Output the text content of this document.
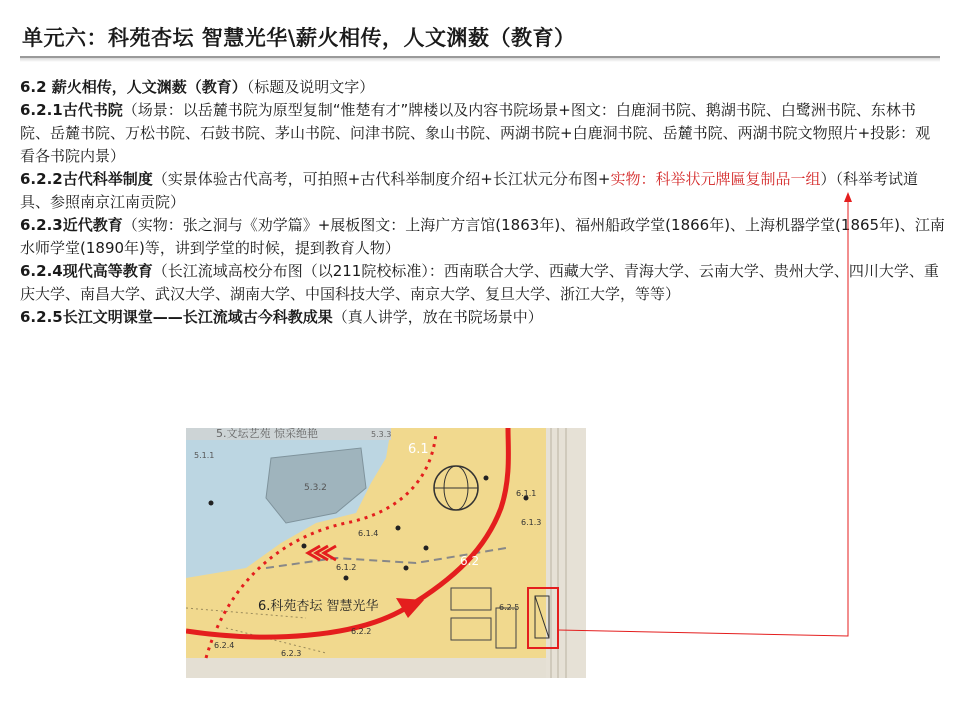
单元六：科苑杏坛 智慧光华\薪火相传，人文渊薮（教育）

6.2 薪火相传，人文渊薮（教育）（标题及说明文字）

6.2.1古代书院（场景：以岳麓书院为原型复制“惟楚有才”牌楼以及内容书院场景+图文：白鹿洞书院、鹅湖书院、白鹭洲书院、东林书院、岳麓书院、万松书院、石鼓书院、茅山书院、问津书院、象山书院、两湖书院+白鹿洞书院、岳麓书院、两湖书院文物照片+投影：观看各书院内景）

6.2.2古代科举制度（实景体验古代高考，可拍照+古代科举制度介绍+长江状元分布图+实物：科举状元牌匾复制品一组）（科举考试道具、参照南京江南贡院）

6.2.3近代教育（实物：张之洞与《劝学篇》+展板图文：上海广方言馆(1863年)、福州船政学堂(1866年)、上海机器学堂(1865年)、江南水师学堂(1890年)等，讲到学堂的时候，提到教育人物）

6.2.4现代高等教育（长江流域高校分布图（以211院校标准）：西南联合大学、西藏大学、青海大学、云南大学、贵州大学、四川大学、重庆大学、南昌大学、武汉大学、湖南大学、中国科技大学、南京大学、复旦大学、浙江大学，等等）

6.2.5长江文明课堂——长江流域古今科教成果（真人讲学，放在书院场景中）

5.文坛艺苑 惊采绝艳	5.3.3
5.1.1
5.3.2
6.1
6.1.1
6.1.3
6.1.4
6.1.2	6.2
6.2.2
6.2.3
6.2.4
6.2.5
6.科苑杏坛 智慧光华
